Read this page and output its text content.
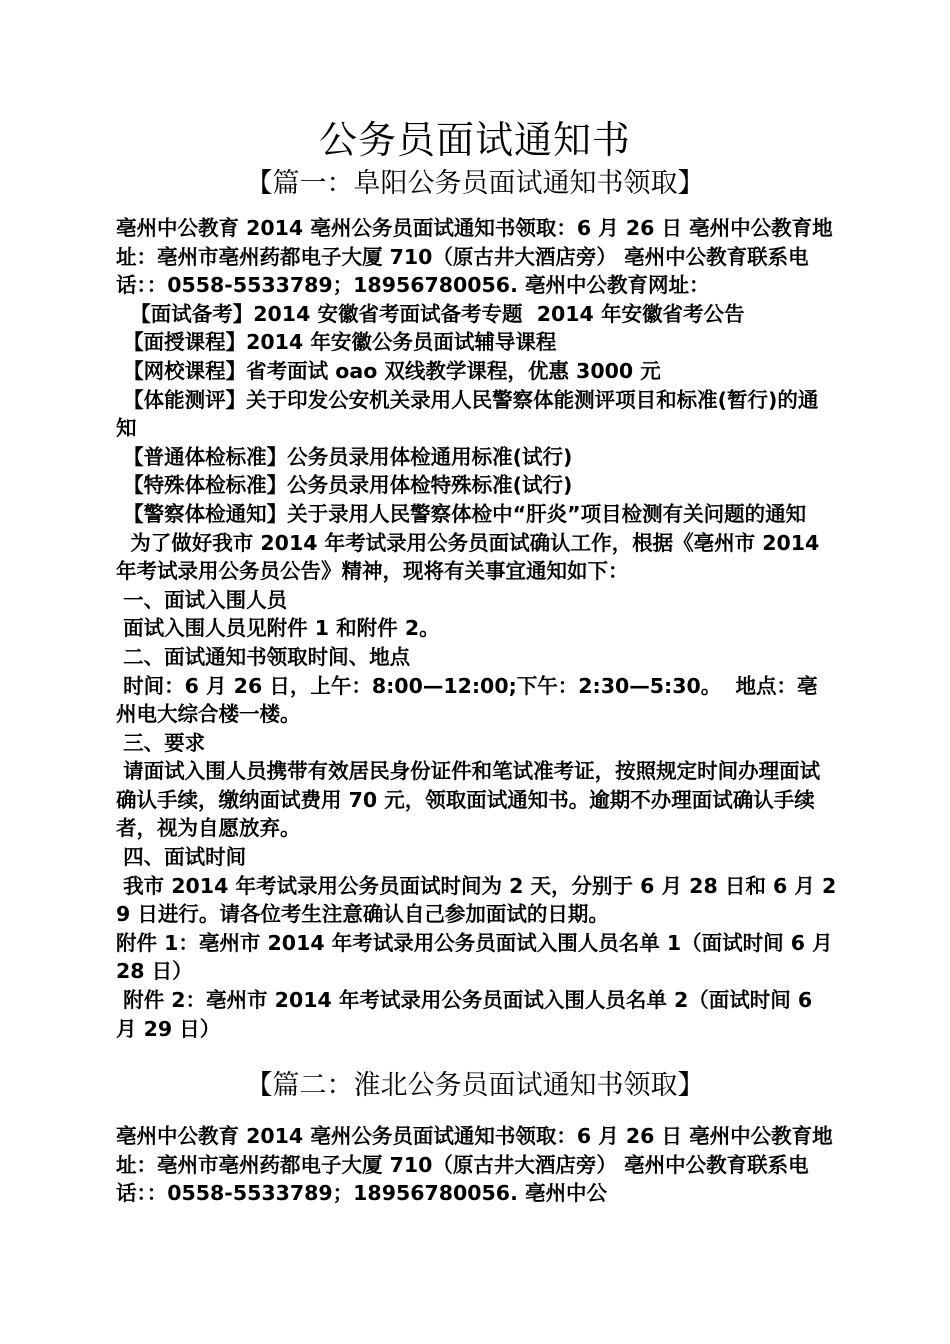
公务员面试通知书
【篇一：阜阳公务员面试通知书领取】

亳州中公教育 2014 亳州公务员面试通知书领取：6 月 26 日 亳州中公教育地址：亳州市亳州药都电子大厦 710（原古井大酒店旁） 亳州中公教育联系电话：：0558-5533789；18956780056. 亳州中公教育网址：

【面试备考】2014 安徽省考面试备考专题  2014 年安徽省考公告

【面授课程】2014 年安徽公务员面试辅导课程

【网校课程】省考面试 oao 双线教学课程，优惠 3000 元

【体能测评】关于印发公安机关录用人民警察体能测评项目和标准(暂行)的通知

【普通体检标准】公务员录用体检通用标准(试行)

【特殊体检标准】公务员录用体检特殊标准(试行)

【警察体检通知】关于录用人民警察体检中“肝炎”项目检测有关问题的通知

为了做好我市 2014 年考试录用公务员面试确认工作，根据《亳州市 2014 年考试录用公务员公告》精神，现将有关事宜通知如下：

一、面试入围人员

面试入围人员见附件 1 和附件 2。

二、面试通知书领取时间、地点

时间：6 月 26 日，上午：8:00—12:00;下午：2:30—5:30。  地点：亳州电大综合楼一楼。

三、要求

请面试入围人员携带有效居民身份证件和笔试准考证，按照规定时间办理面试确认手续，缴纳面试费用 70 元，领取面试通知书。逾期不办理面试确认手续者，视为自愿放弃。

四、面试时间

我市 2014 年考试录用公务员面试时间为 2 天，分别于 6 月 28 日和 6 月 29 日进行。请各位考生注意确认自己参加面试的日期。

附件 1：亳州市 2014 年考试录用公务员面试入围人员名单 1（面试时间 6 月 28 日）

附件 2：亳州市 2014 年考试录用公务员面试入围人员名单 2（面试时间 6 月 29 日）

【篇二：淮北公务员面试通知书领取】

亳州中公教育 2014 亳州公务员面试通知书领取：6 月 26 日 亳州中公教育地址：亳州市亳州药都电子大厦 710（原古井大酒店旁） 亳州中公教育联系电话：：0558-5533789；18956780056. 亳州中公
